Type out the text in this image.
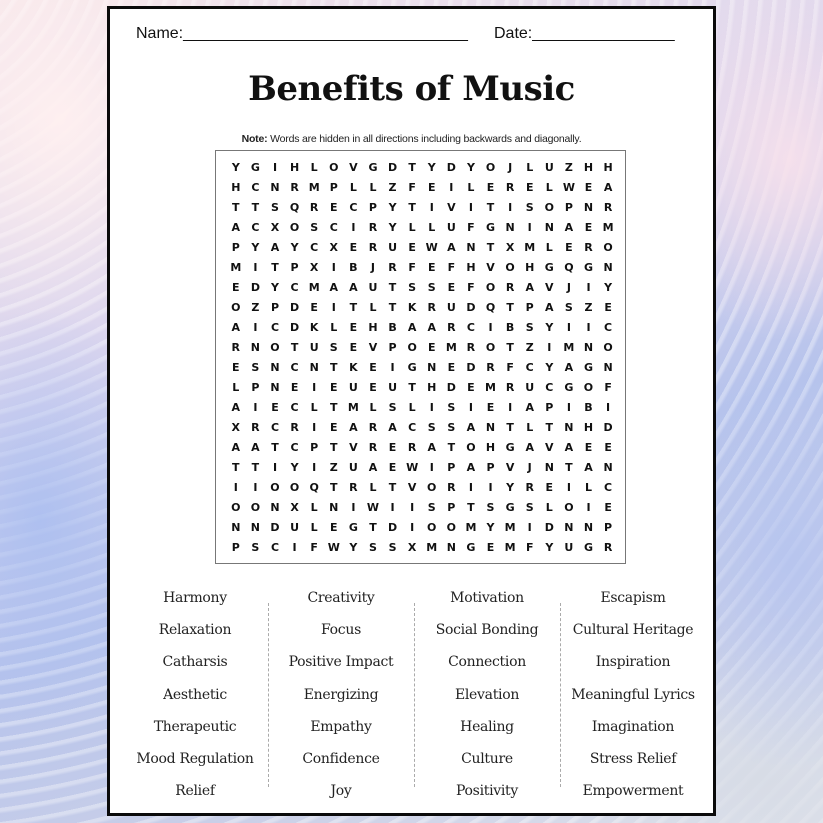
Name:________________________________ Date:________________
Benefits of Music
Note: Words are hidden in all directions including backwards and diagonally.
Y	G	I	H	L	O V G D	T	Y	D	Y O	J	L	U	Z	H H
H C N R M P	L	L	Z	F	E	I	L	E	R	E	L W E	A
T	T	S Q R	E	C	P	Y	T	I	V	I	T	I	S O P N R
A	C	X O S	C	I	R	Y	L	L	U	F	G N	I	N A	E M
P	Y	A	Y	C	X	E	R U	E W A N	T	X M L	E	R O
M	I	T	P	X	I	B	J	R	F	E	F	H V O H G Q G N
E	D	Y	C M A	A U	T	S	S	E	F	O R	A	V	J	I	Y
O Z	P D	E	I	T	L	T	K	R U D Q	T	P	A	S	Z	E
A	I	C D K	L	E	H B	A	A	R	C	I	B	S	Y	I	I	C
R N O	T	U	S	E	V	P O	E M R O	T	Z	I	M N O
E	S	N C N	T	K	E	I	G N	E	D R	F	C	Y	A G N
L	P N	E	I	E	U	E	U	T	H D	E M R U	C	G O	F
A	I	E	C	L	T M L	S	L	I	S	I	E	I	A	P	I	B	I
X	R	C	R	I	E	A	R	A	C	S	S	A N	T	L	T	N H D
A	A	T	C	P	T	V	R	E	R	A	T	O H G A	V	A	E	E
T	T	I	Y	I	Z	U A	E W	I	P	A	P	V	J	N	T	A N
I	I	O O Q	T	R	L	T	V O R	I	I	Y	R	E	I	L	C
O O N X	L	N	I	W	I	I	S	P	T	S	G	S	L	O	I	E
N N D U	L	E	G	T	D	I	O O M Y M	I	D N N P
P	S	C	I	F W Y	S	S	X M N G	E M F	Y	U G R
Harmony
Relaxation
Catharsis
Aesthetic
Therapeutic
Mood Regulation
Relief
Creativity
Focus
Positive Impact
Energizing
Empathy
Confidence
Joy
Motivation
Social Bonding
Connection
Elevation
Healing
Culture
Positivity
Escapism
Cultural Heritage
Inspiration
Meaningful Lyrics
Imagination
Stress Relief
Empowerment
